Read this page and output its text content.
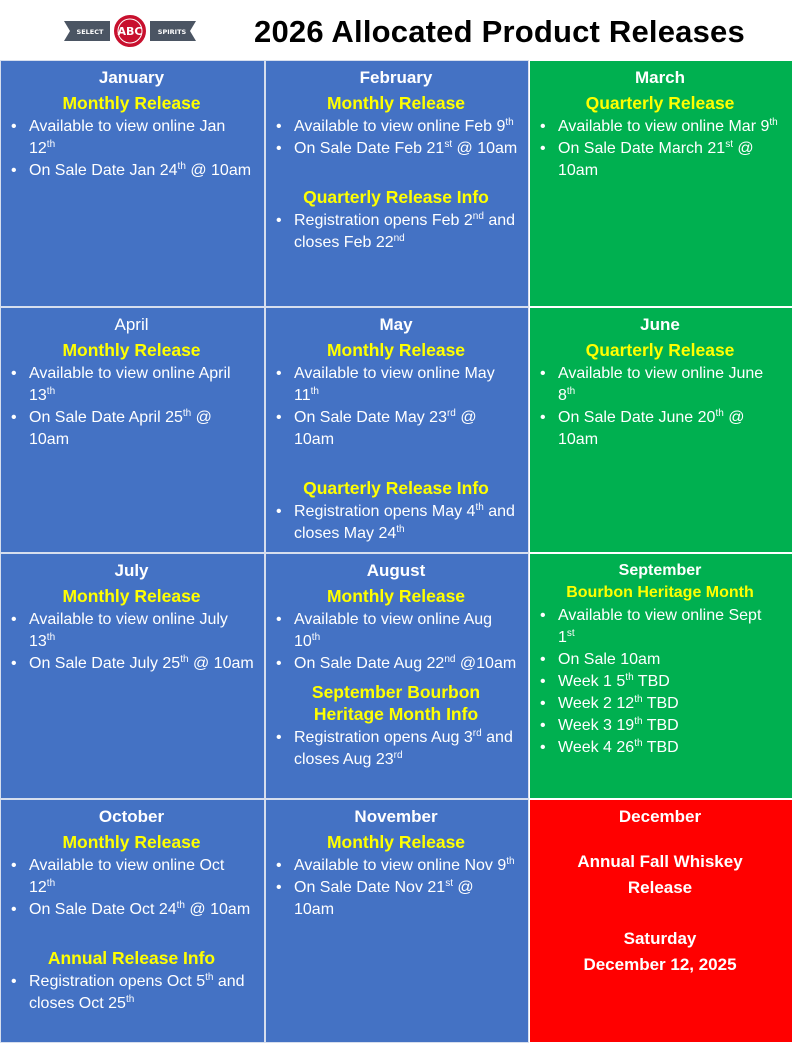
SELECT ABC SPIRITS 2026 Allocated Product Releases
January
Monthly Release
• Available to view online Jan 12th
• On Sale Date Jan 24th @ 10am
February
Monthly Release
• Available to view online Feb 9th
• On Sale Date Feb 21st @ 10am
Quarterly Release Info
• Registration opens Feb 2nd and closes Feb 22nd
March
Quarterly Release
• Available to view online Mar 9th
• On Sale Date March 21st @ 10am
April
Monthly Release
• Available to view online April 13th
• On Sale Date April 25th @ 10am
May
Monthly Release
• Available to view online May 11th
• On Sale Date May 23rd @ 10am
Quarterly Release Info
• Registration opens May 4th and closes May 24th
June
Quarterly Release
• Available to view online June 8th
• On Sale Date June 20th @ 10am
July
Monthly Release
• Available to view online July 13th
• On Sale Date July 25th @ 10am
August
Monthly Release
• Available to view online Aug 10th
• On Sale Date Aug 22nd @10am
September Bourbon Heritage Month Info
• Registration opens Aug 3rd and closes Aug 23rd
September
Bourbon Heritage Month
• Available to view online Sept 1st
• On Sale 10am
• Week 1 5th TBD
• Week 2 12th TBD
• Week 3 19th TBD
• Week 4 26th TBD
October
Monthly Release
• Available to view online Oct 12th
• On Sale Date Oct 24th @ 10am
Annual Release Info
• Registration opens Oct 5th and closes Oct 25th
November
Monthly Release
• Available to view online Nov 9th
• On Sale Date Nov 21st @ 10am
December
Annual Fall Whiskey
Release
Saturday
December 12, 2025
